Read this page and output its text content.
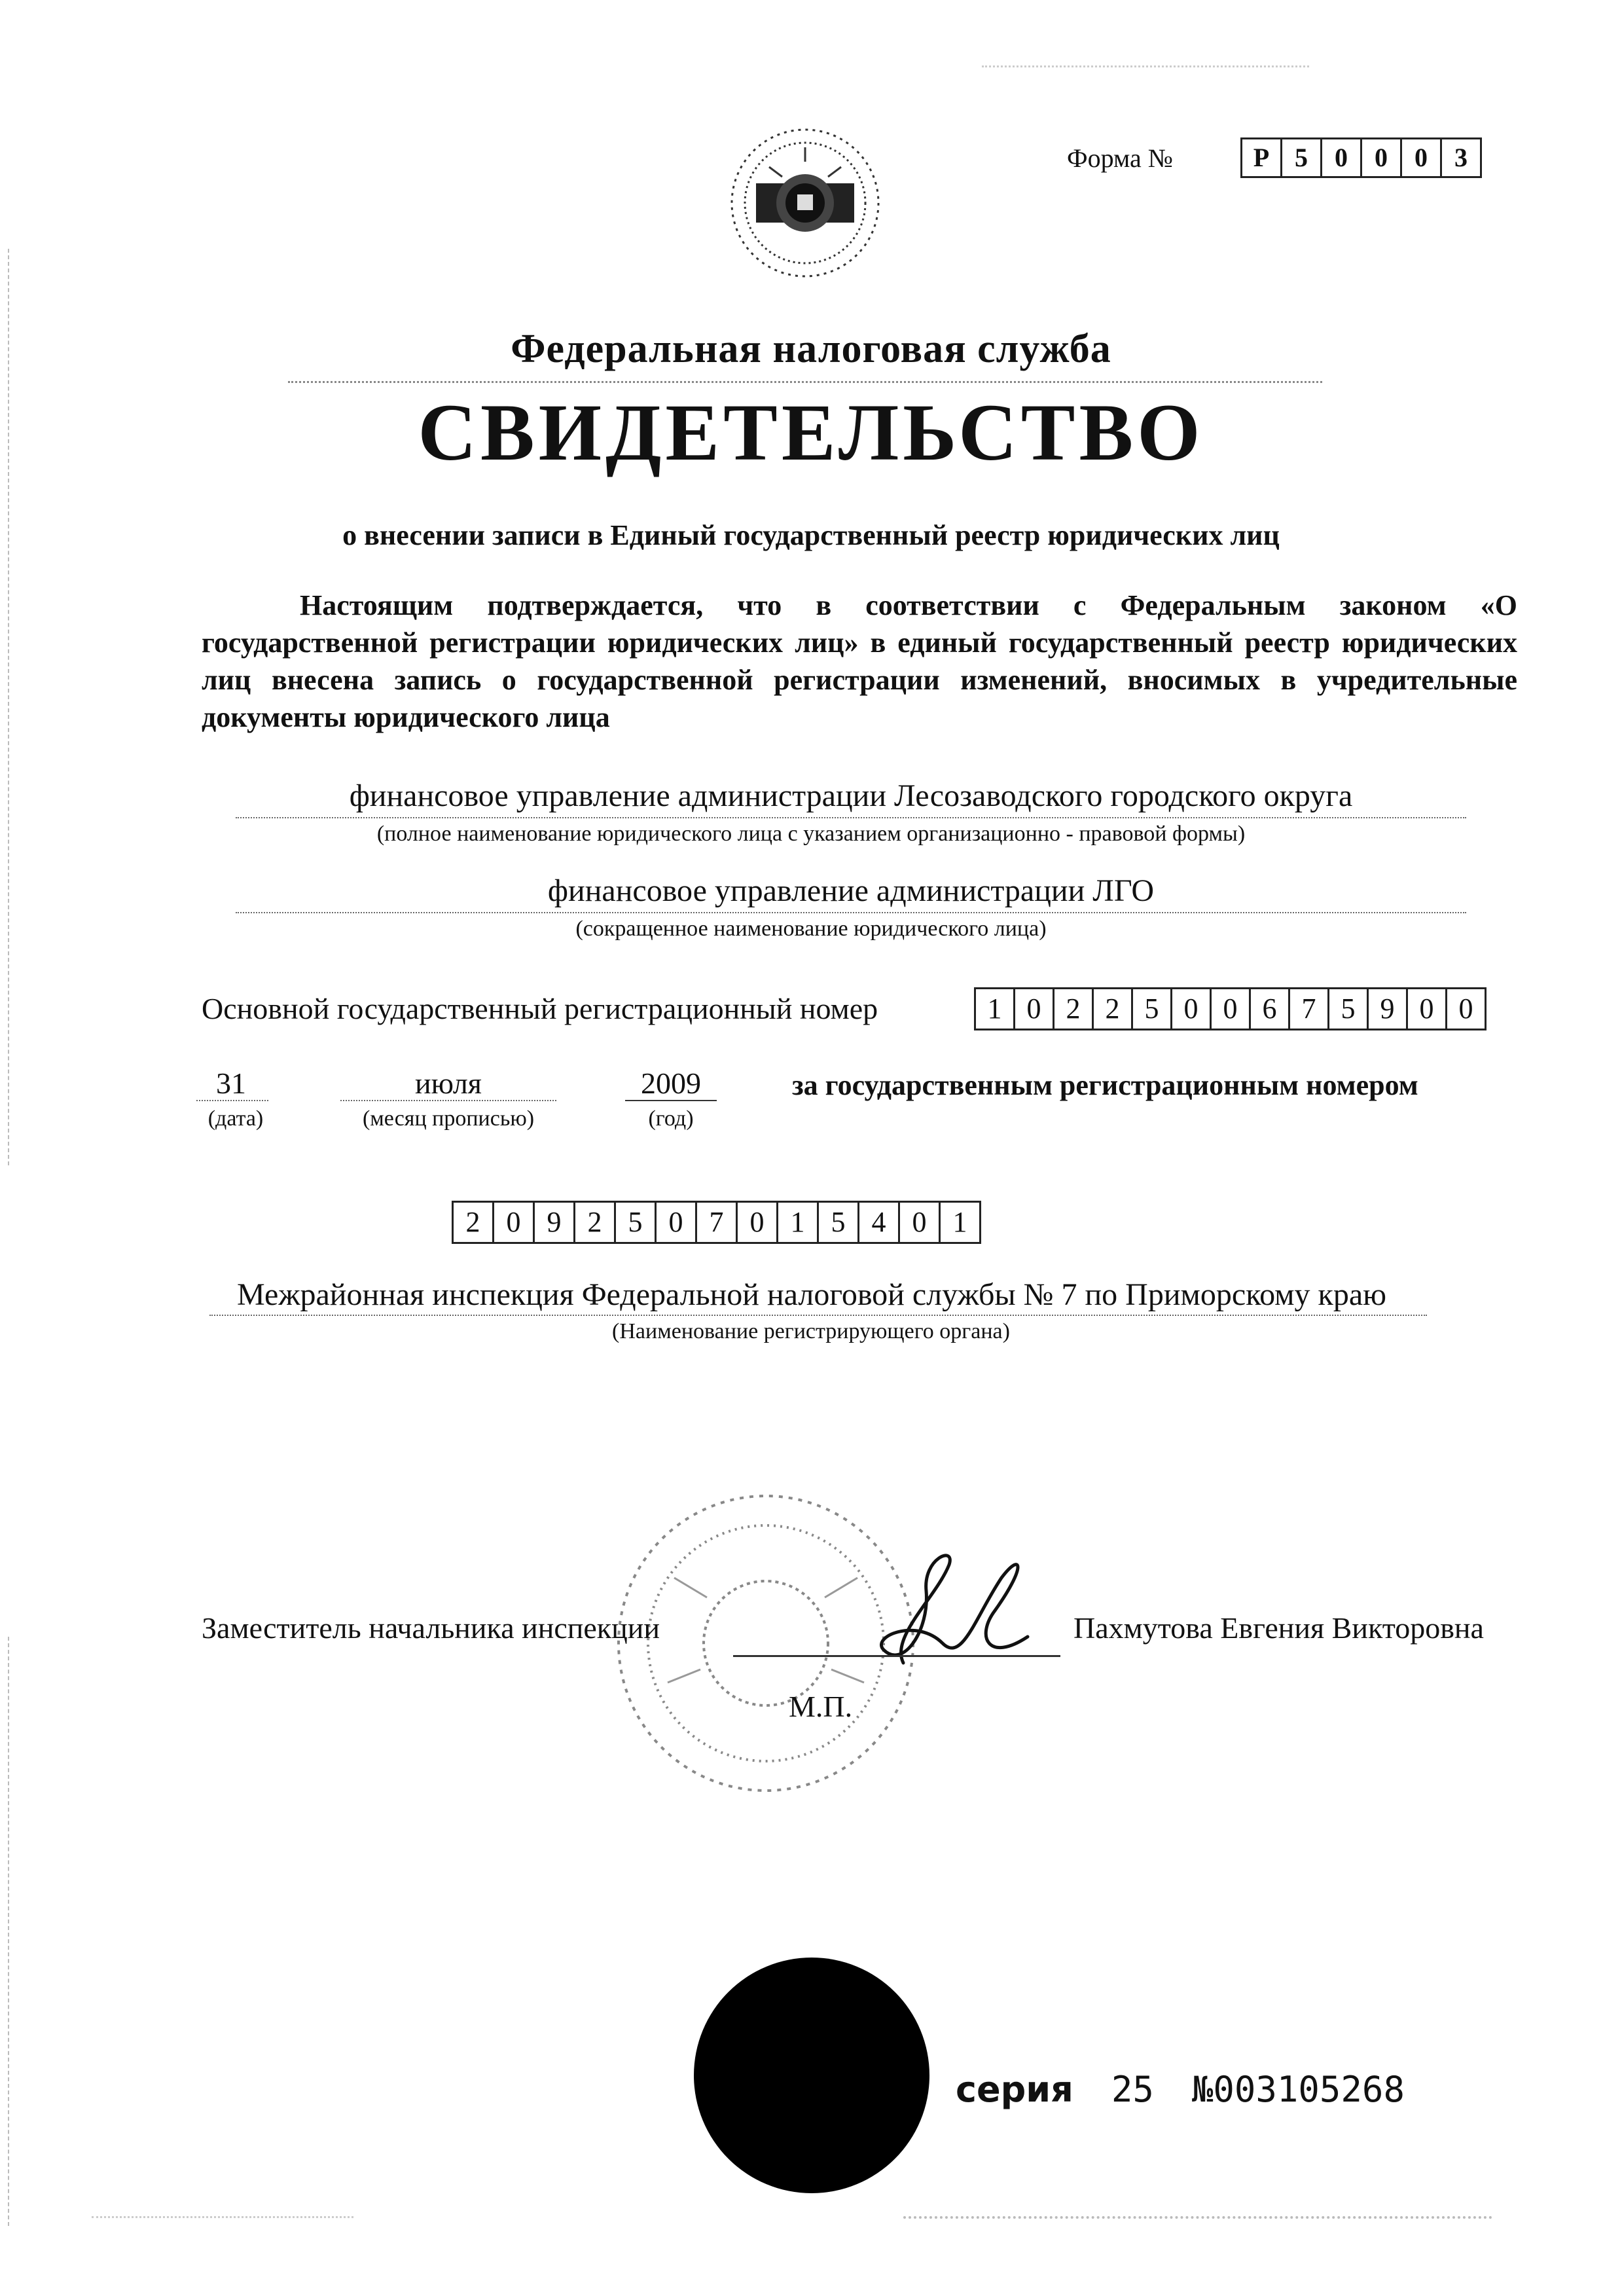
Форма №	Р 5	0	0	0	3
Федеральная налоговая служба
СВИДЕТЕЛЬСТВО
о внесении записи в Единый государственный реестр юридических лиц
Настоящим подтверждается, что в соответствии с Федеральным законом «О государственной регистрации юридических лиц» в единый государственный реестр юридических лиц внесена запись о государственной регистрации изменений, вносимых в учредительные документы юридического лица
финансовое управление администрации Лесозаводского городского округа
(полное наименование юридического лица с указанием организационно - правовой формы)
финансовое управление администрации ЛГО
(сокращенное наименование юридического лица)
Основной государственный регистрационный номер	1 0 2 2 5 0 0 6 7 5 9 0 0
31
(дата)
июля
(месяц прописью)
2009
(год)
за государственным регистрационным номером
2 0 9 2 5 0 7 0 1 5 4 0 1
Межрайонная инспекция Федеральной налоговой службы № 7 по Приморскому краю
(Наименование регистрирующего органа)
Заместитель начальника инспекции	Пахмутова Евгения Викторовна
М.П.
серия 25 №003105268
